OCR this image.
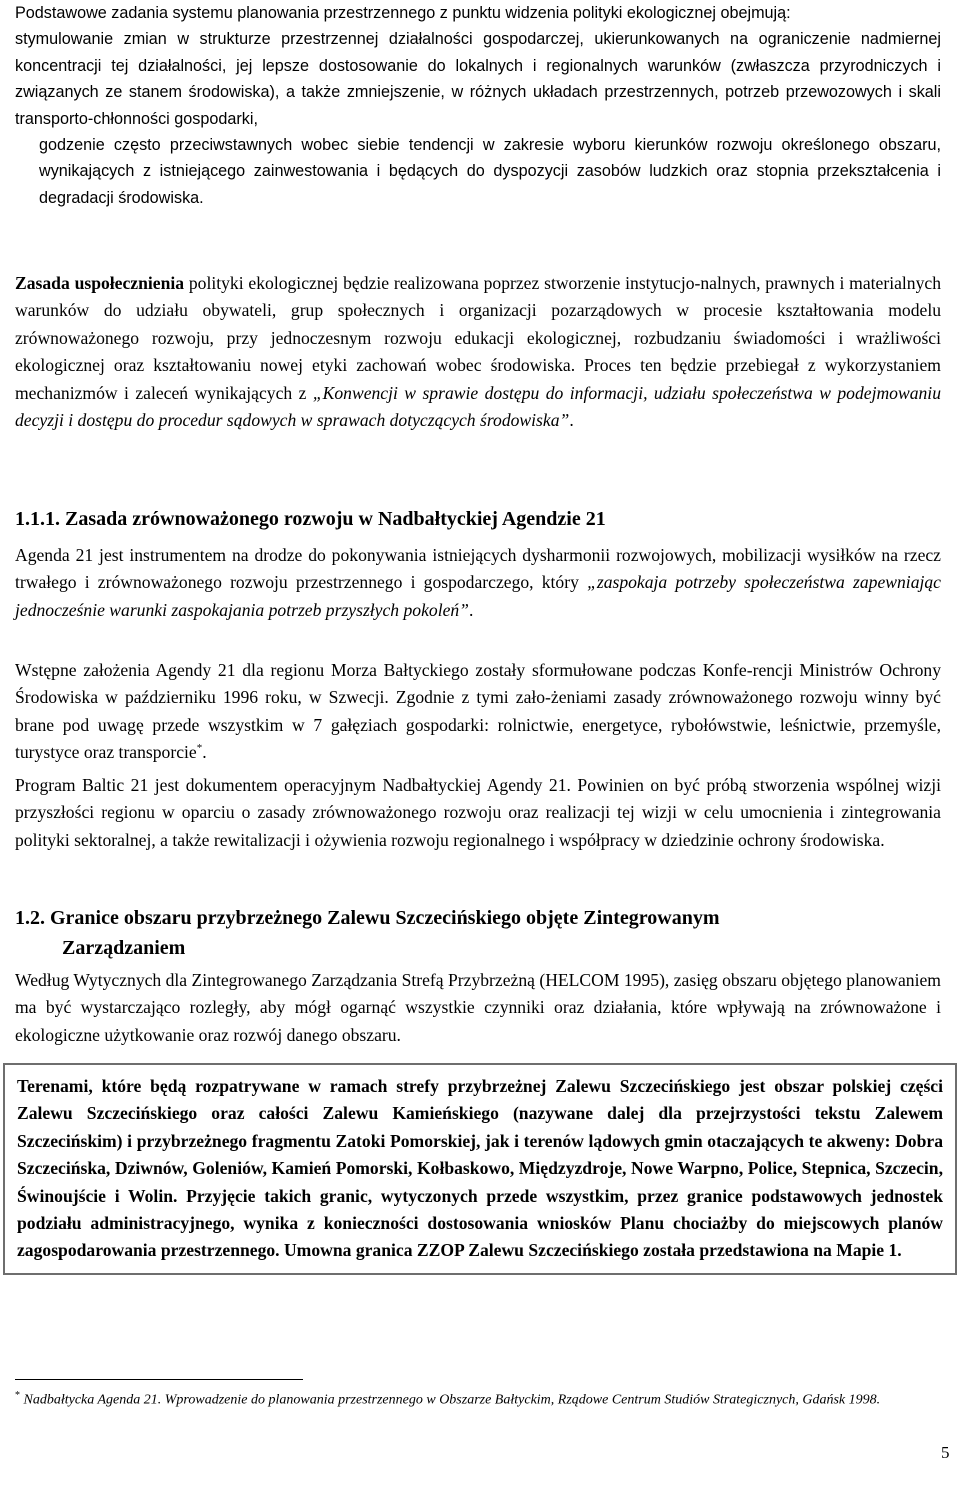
Podstawowe zadania systemu planowania przestrzennego z punktu widzenia polityki ekologicznej obejmują:

stymulowanie zmian w strukturze przestrzennej działalności gospodarczej, ukierunkowanych na ograniczenie nadmiernej koncentracji tej działalności, jej lepsze dostosowanie do lokalnych i regionalnych warunków (zwłaszcza przyrodniczych i związanych ze stanem środowiska), a także zmniejszenie, w różnych układach przestrzennych, potrzeb przewozowych i skali transporto-chłonności gospodarki,

godzenie często przeciwstawnych wobec siebie tendencji w zakresie wyboru kierunków rozwoju określonego obszaru, wynikających z istniejącego zainwestowania i będących do dyspozycji zasobów ludzkich oraz stopnia przekształcenia i degradacji środowiska.

Zasada uspołecznienia polityki ekologicznej będzie realizowana poprzez stworzenie instytucjo-nalnych, prawnych i materialnych warunków do udziału obywateli, grup społecznych i organizacji pozarządowych w procesie kształtowania modelu zrównoważonego rozwoju, przy jednoczesnym rozwoju edukacji ekologicznej, rozbudzaniu świadomości i wrażliwości ekologicznej oraz kształtowaniu nowej etyki zachowań wobec środowiska. Proces ten będzie przebiegał z wykorzystaniem mechanizmów i zaleceń wynikających z „Konwencji w sprawie dostępu do informacji, udziału społeczeństwa w podejmowaniu decyzji i dostępu do procedur sądowych w sprawach dotyczących środowiska”.
1.1.1. Zasada zrównoważonego rozwoju w Nadbałtyckiej Agendzie 21
Agenda 21 jest instrumentem na drodze do pokonywania istniejących dysharmonii rozwojowych, mobilizacji wysiłków na rzecz trwałego i zrównoważonego rozwoju przestrzennego i gospodarczego, który „zaspokaja potrzeby społeczeństwa zapewniając jednocześnie warunki zaspokajania potrzeb przyszłych pokoleń”.
Wstępne założenia Agendy 21 dla regionu Morza Bałtyckiego zostały sformułowane podczas Konfe-rencji Ministrów Ochrony Środowiska w październiku 1996 roku, w Szwecji. Zgodnie z tymi zało-żeniami zasady zrównoważonego rozwoju winny być brane pod uwagę przede wszystkim w 7 gałęziach gospodarki: rolnictwie, energetyce, rybołówstwie, leśnictwie, przemyśle, turystyce oraz transporcie*.
Program Baltic 21 jest dokumentem operacyjnym Nadbałtyckiej Agendy 21. Powinien on być próbą stworzenia wspólnej wizji przyszłości regionu w oparciu o zasady zrównoważonego rozwoju oraz realizacji tej wizji w celu umocnienia i zintegrowania polityki sektoralnej, a także rewitalizacji i ożywienia rozwoju regionalnego i współpracy w dziedzinie ochrony środowiska.
1.2. Granice obszaru przybrzeżnego Zalewu Szczecińskiego objęte Zintegrowanym
Zarządzaniem
Według Wytycznych dla Zintegrowanego Zarządzania Strefą Przybrzeżną (HELCOM 1995), zasięg obszaru objętego planowaniem ma być wystarczająco rozległy, aby mógł ogarnąć wszystkie czynniki oraz działania, które wpływają na zrównoważone i ekologiczne użytkowanie oraz rozwój danego obszaru.
Terenami, które będą rozpatrywane w ramach strefy przybrzeżnej Zalewu Szczecińskiego jest obszar polskiej części Zalewu Szczecińskiego oraz całości Zalewu Kamieńskiego (nazywane dalej dla przejrzystości tekstu Zalewem Szczecińskim) i przybrzeżnego fragmentu Zatoki Pomorskiej, jak i terenów lądowych gmin otaczających te akweny: Dobra Szczecińska, Dziwnów, Goleniów, Kamień Pomorski, Kołbaskowo, Międzyzdroje, Nowe Warpno, Police, Stepnica, Szczecin, Świnoujście i Wolin. Przyjęcie takich granic, wytyczonych przede wszystkim, przez granice podstawowych jednostek podziału administracyjnego, wynika z konieczności dostosowania wniosków Planu chociażby do miejscowych planów zagospodarowania przestrzennego. Umowna granica ZZOP Zalewu Szczecińskiego została przedstawiona na Mapie 1.
* Nadbałtycka Agenda 21. Wprowadzenie do planowania przestrzennego w Obszarze Bałtyckim, Rządowe Centrum Studiów Strategicznych, Gdańsk 1998.
5
